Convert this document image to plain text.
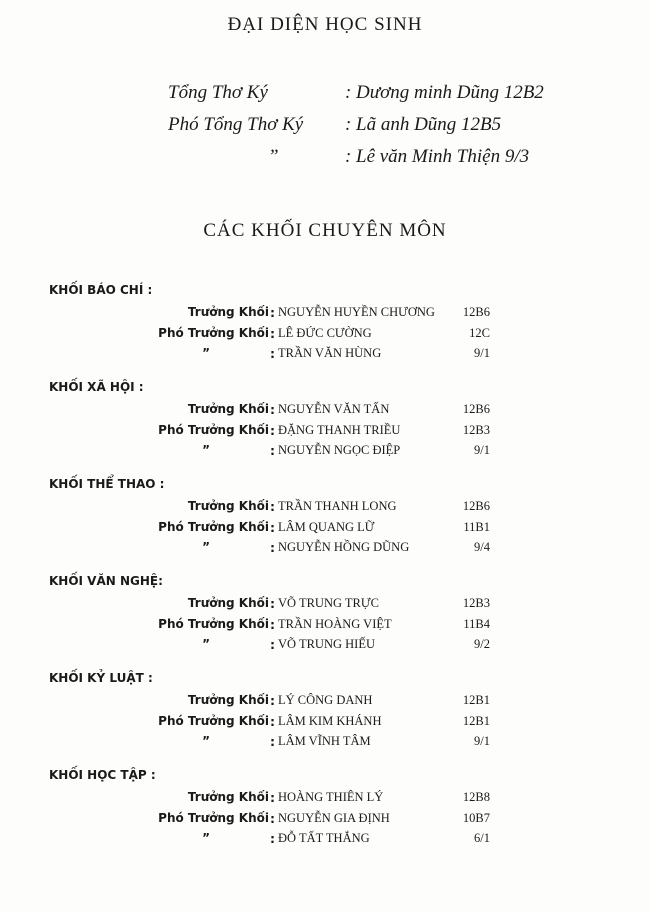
ĐẠI DIỆN HỌC SINH
Tổng Thơ Ký	: Dương minh Dũng 12B2
Phó Tổng Thơ Ký : Lã anh Dũng 12B5
”	: Lê văn Minh Thiện 9/3
CÁC KHỐI CHUYÊN MÔN
KHỐI BÁO CHÍ :
Trưởng Khối : NGUYỄN HUYỀN CHƯƠNG 12B6
Phó Trưởng Khối : LÊ ĐỨC CƯỜNG	12C
”	: TRẦN VĂN HÙNG	9/1
KHỐI XÃ HỘI :
Trưởng Khối : NGUYỄN VĂN TẤN	12B6
Phó Trưởng Khối : ĐẶNG THANH TRIỀU	12B3
”	: NGUYỄN NGỌC ĐIỆP	9/1
KHỐI THỂ THAO :
Trưởng Khối : TRẦN THANH LONG	12B6
Phó Trưởng Khối : LÂM QUANG LỮ	11B1
”	: NGUYỄN HỒNG DŨNG	9/4
KHỐI VĂN NGHỆ:
Trưởng Khối : VÕ TRUNG TRỰC	12B3
Phó Trưởng Khối : TRẦN HOÀNG VIỆT	11B4
”	: VÕ TRUNG HIẾU	9/2
KHỐI KỶ LUẬT :
Trưởng Khối : LÝ CÔNG DANH	12B1
Phó Trưởng Khối : LÂM KIM KHÁNH	12B1
”	: LÂM VĨNH TÂM	9/1
KHỐI HỌC TẬP :
Trưởng Khối : HOÀNG THIÊN LÝ	12B8
Phó Trưởng Khối : NGUYỄN GIA ĐỊNH	10B7
”	: ĐỖ TẤT THẮNG	6/1
